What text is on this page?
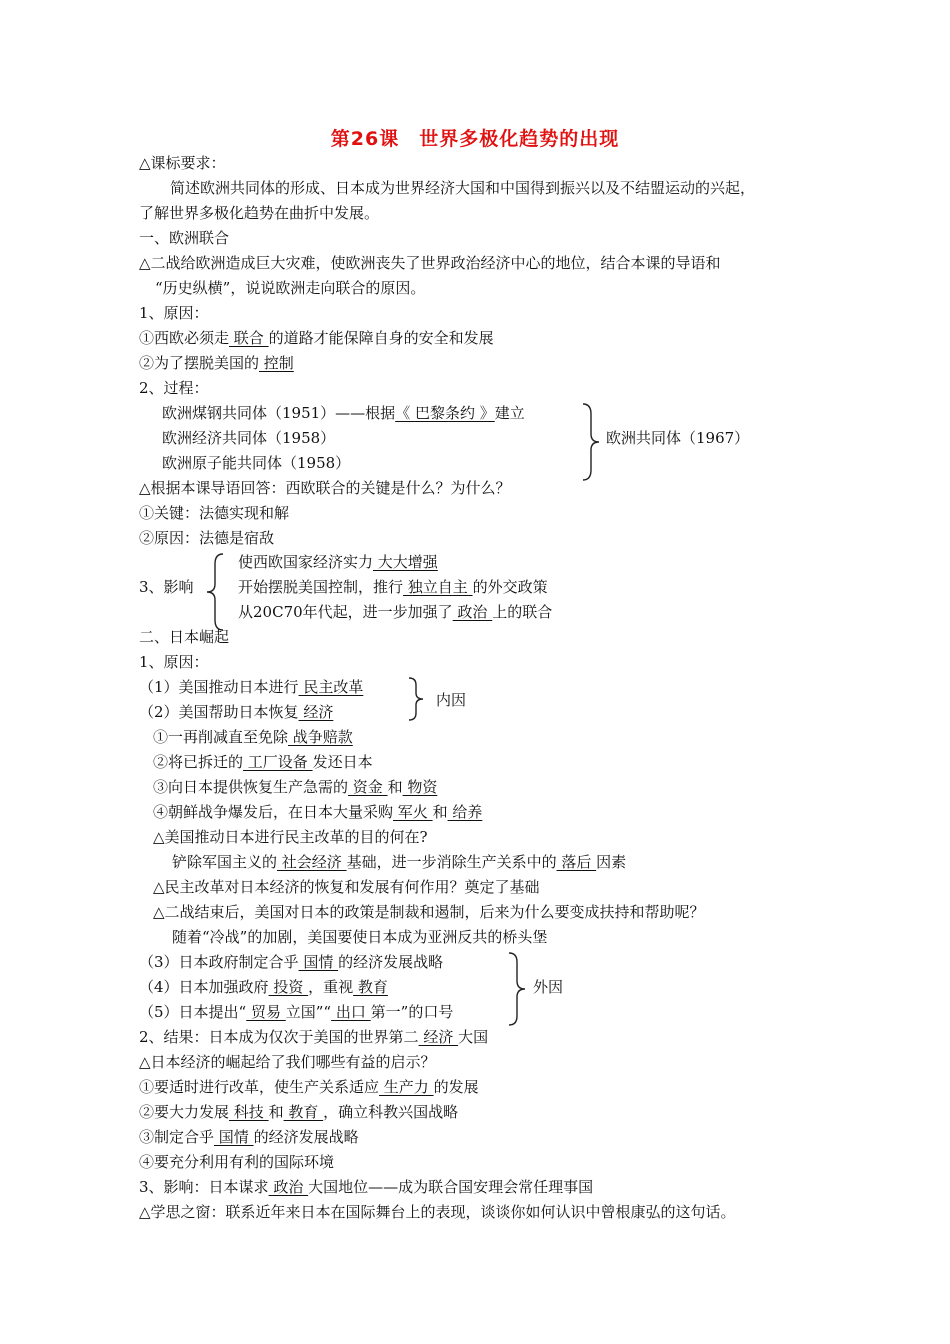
第26课　世界多极化趋势的出现
△课标要求：
简述欧洲共同体的形成、日本成为世界经济大国和中国得到振兴以及不结盟运动的兴起，
了解世界多极化趋势在曲折中发展。
一、欧洲联合
△二战给欧洲造成巨大灾难，使欧洲丧失了世界政治经济中心的地位，结合本课的导语和
“历史纵横”，说说欧洲走向联合的原因。
1、原因：
①西欧必须走 联合 的道路才能保障自身的安全和发展
②为了摆脱美国的 控制
2、过程：
欧洲煤钢共同体（1951）——根据《 巴黎条约 》建立
欧洲经济共同体（1958）
欧洲原子能共同体（1958）
欧洲共同体（1967）
△根据本课导语回答：西欧联合的关键是什么？为什么？
①关键：法德实现和解
②原因：法德是宿敌
3、影响
使西欧国家经济实力 大大增强
开始摆脱美国控制，推行 独立自主 的外交政策
从20C70年代起，进一步加强了 政治 上的联合
二、日本崛起
1、原因：
（1）美国推动日本进行 民主改革
（2）美国帮助日本恢复 经济
内因
①一再削减直至免除 战争赔款
②将已拆迁的 工厂设备 发还日本
③向日本提供恢复生产急需的 资金 和 物资
④朝鲜战争爆发后，在日本大量采购 军火 和 给养
△美国推动日本进行民主改革的目的何在?
铲除军国主义的 社会经济 基础，进一步消除生产关系中的 落后 因素
△民主改革对日本经济的恢复和发展有何作用？奠定了基础
△二战结束后，美国对日本的政策是制裁和遏制，后来为什么要变成扶持和帮助呢？
随着“冷战”的加剧，美国要使日本成为亚洲反共的桥头堡
（3）日本政府制定合乎 国情 的经济发展战略
（4）日本加强政府 投资 ，重视 教育
（5）日本提出“ 贸易 立国”“ 出口 第一”的口号
外因
2、结果：日本成为仅次于美国的世界第二 经济 大国
△日本经济的崛起给了我们哪些有益的启示？
①要适时进行改革，使生产关系适应 生产力 的发展
②要大力发展 科技 和 教育 ，确立科教兴国战略
③制定合乎 国情 的经济发展战略
④要充分利用有利的国际环境
3、影响：日本谋求 政治 大国地位——成为联合国安理会常任理事国
△学思之窗：联系近年来日本在国际舞台上的表现，谈谈你如何认识中曾根康弘的这句话。
